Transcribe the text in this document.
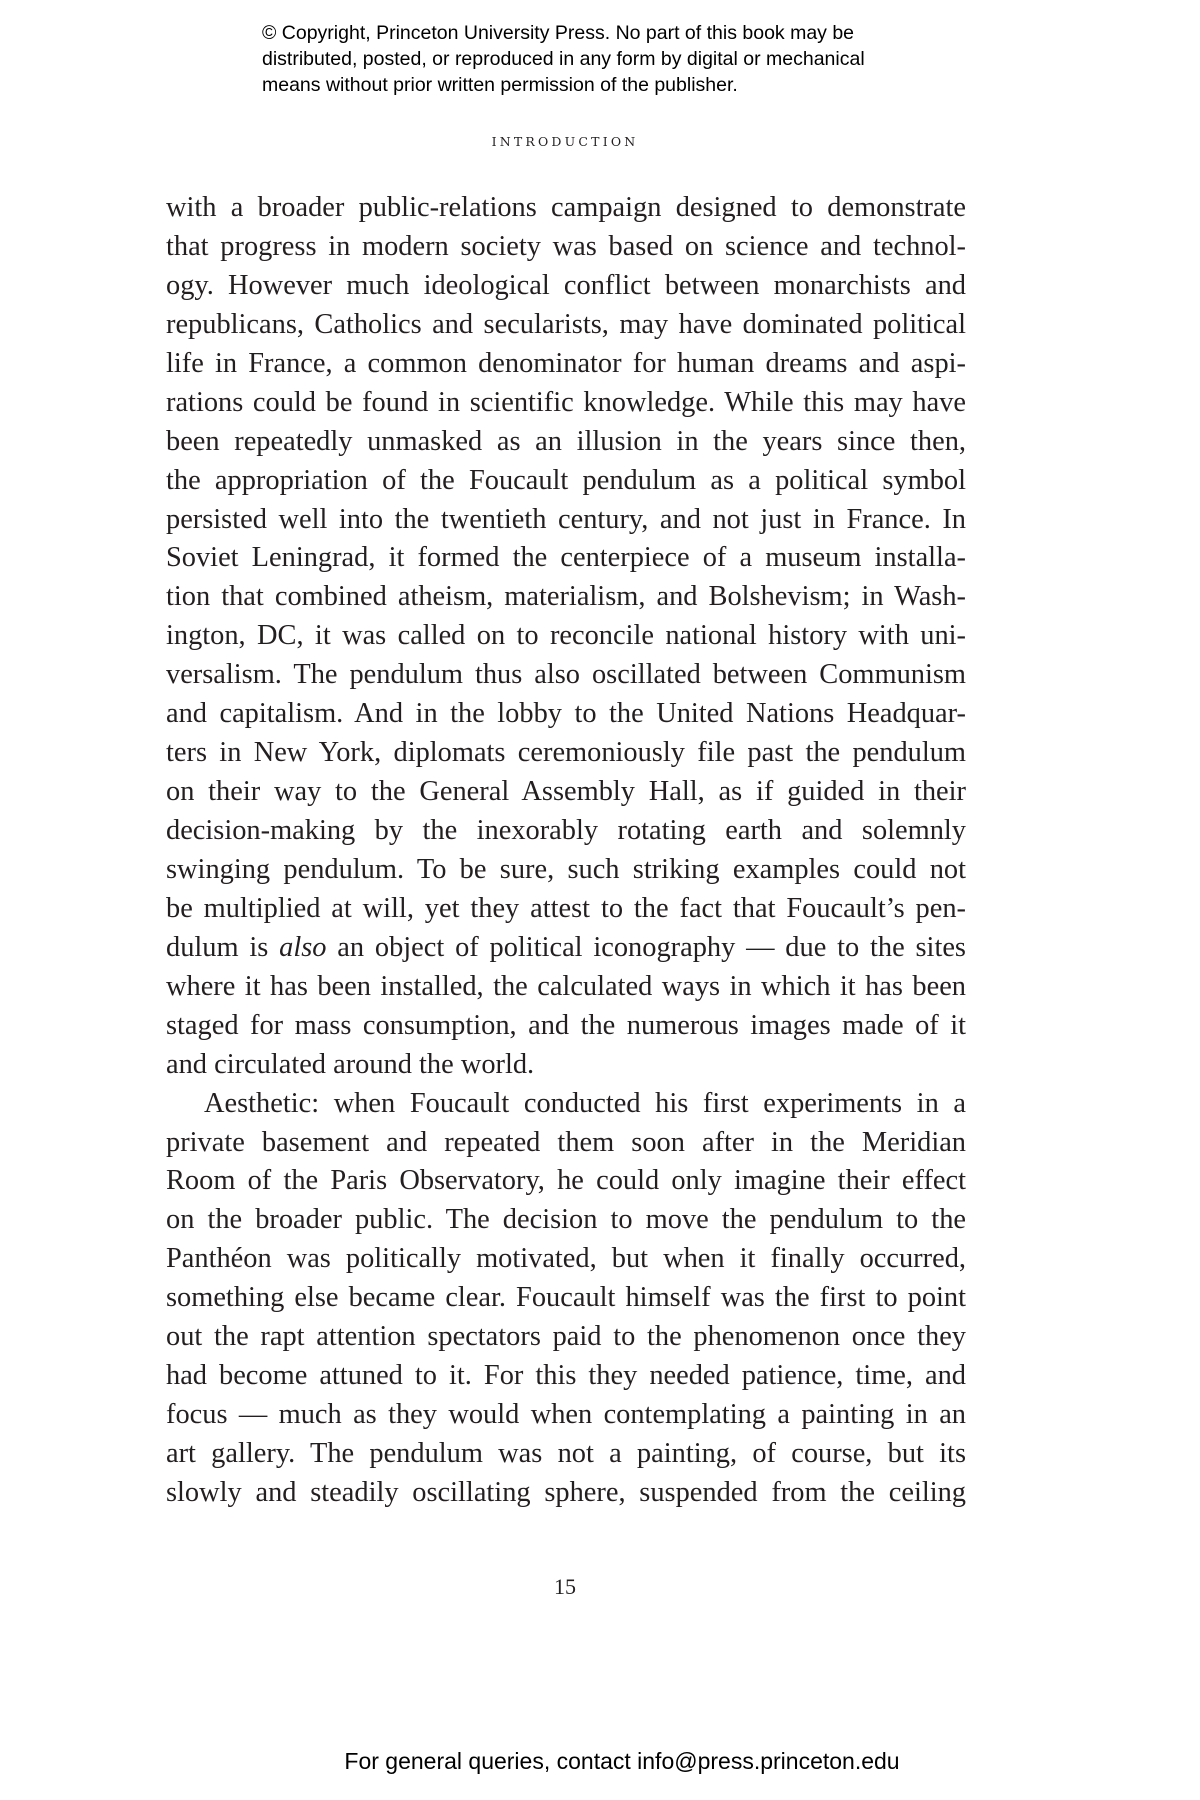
© Copyright, Princeton University Press. No part of this book may be
distributed, posted, or reproduced in any form by digital or mechanical
means without prior written permission of the publisher.
INTRODUCTION
with a broader public-relations campaign designed to demonstrate
that progress in modern society was based on science and technol-
ogy. However much ideological conflict between monarchists and
republicans, Catholics and secularists, may have dominated political
life in France, a common denominator for human dreams and aspi-
rations could be found in scientific knowledge. While this may have
been repeatedly unmasked as an illusion in the years since then,
the appropriation of the Foucault pendulum as a political symbol
persisted well into the twentieth century, and not just in France. In
Soviet Leningrad, it formed the centerpiece of a museum installa-
tion that combined atheism, materialism, and Bolshevism; in Wash-
ington, DC, it was called on to reconcile national history with uni-
versalism. The pendulum thus also oscillated between Communism
and capitalism. And in the lobby to the United Nations Headquar-
ters in New York, diplomats ceremoniously file past the pendulum
on their way to the General Assembly Hall, as if guided in their
decision-making by the inexorably rotating earth and solemnly
swinging pendulum. To be sure, such striking examples could not
be multiplied at will, yet they attest to the fact that Foucault’s pen-
dulum is also an object of political iconography — due to the sites
where it has been installed, the calculated ways in which it has been
staged for mass consumption, and the numerous images made of it
and circulated around the world.
Aesthetic: when Foucault conducted his first experiments in a
private basement and repeated them soon after in the Meridian
Room of the Paris Observatory, he could only imagine their effect
on the broader public. The decision to move the pendulum to the
Panthéon was politically motivated, but when it finally occurred,
something else became clear. Foucault himself was the first to point
out the rapt attention spectators paid to the phenomenon once they
had become attuned to it. For this they needed patience, time, and
focus — much as they would when contemplating a painting in an
art gallery. The pendulum was not a painting, of course, but its
slowly and steadily oscillating sphere, suspended from the ceiling
15
For general queries, contact info@press.princeton.edu
